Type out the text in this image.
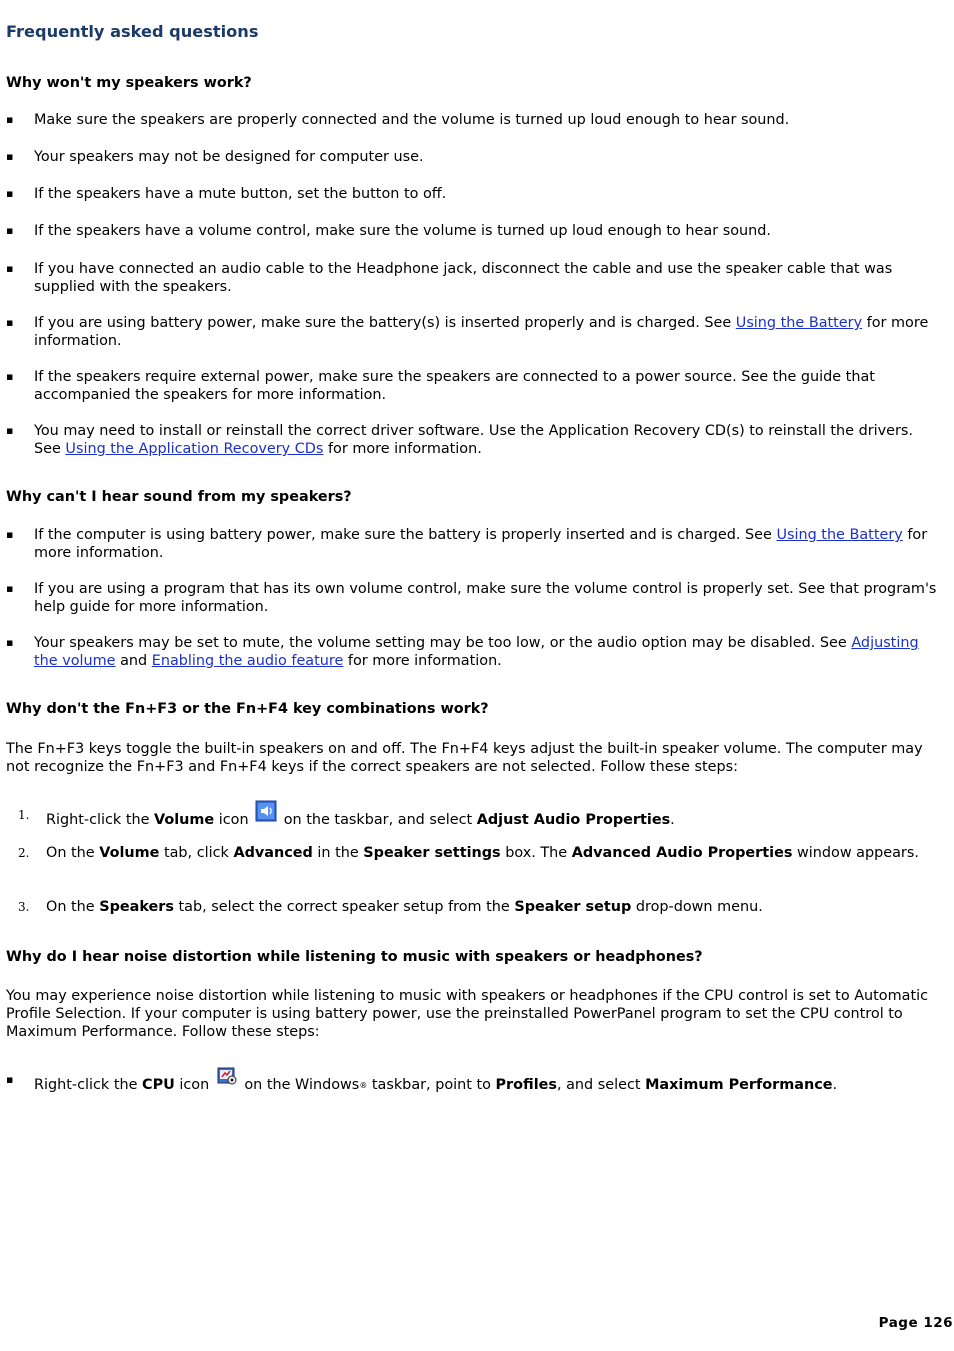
Frequently asked questions
Why won't my speakers work?
▪
Make sure the speakers are properly connected and the volume is turned up loud enough to hear sound.
▪
Your speakers may not be designed for computer use.
▪
If the speakers have a mute button, set the button to off.
▪
If the speakers have a volume control, make sure the volume is turned up loud enough to hear sound.
▪
If you have connected an audio cable to the Headphone jack, disconnect the cable and use the speaker cable that was supplied with the speakers.
▪
If you are using battery power, make sure the battery(s) is inserted properly and is charged. See Using the Battery for more information.
▪
If the speakers require external power, make sure the speakers are connected to a power source. See the guide that accompanied the speakers for more information.
▪
You may need to install or reinstall the correct driver software. Use the Application Recovery CD(s) to reinstall the drivers. See Using the Application Recovery CDs for more information.
Why can't I hear sound from my speakers?
▪
If the computer is using battery power, make sure the battery is properly inserted and is charged. See Using the Battery for more information.
▪
If you are using a program that has its own volume control, make sure the volume control is properly set. See that program's help guide for more information.
▪
Your speakers may be set to mute, the volume setting may be too low, or the audio option may be disabled. See Adjusting the volume and Enabling the audio feature for more information.
Why don't the Fn+F3 or the Fn+F4 key combinations work?

The Fn+F3 keys toggle the built-in speakers on and off. The Fn+F4 keys adjust the built-in speaker volume. The computer may not recognize the Fn+F3 and Fn+F4 keys if the correct speakers are not selected. Follow these steps:

1. Right-click the Volume icon  on the taskbar, and select Adjust Audio Properties.
2. On the Volume tab, click Advanced in the Speaker settings box. The Advanced Audio Properties window appears.
3. On the Speakers tab, select the correct speaker setup from the Speaker setup drop-down menu.
Why do I hear noise distortion while listening to music with speakers or headphones?

You may experience noise distortion while listening to music with speakers or headphones if the CPU control is set to Automatic Profile Selection. If your computer is using battery power, use the preinstalled PowerPanel program to set the CPU control to Maximum Performance. Follow these steps:

▪
Right-click the CPU icon  on the Windows® taskbar, point to Profiles, and select Maximum Performance.

Page 126
